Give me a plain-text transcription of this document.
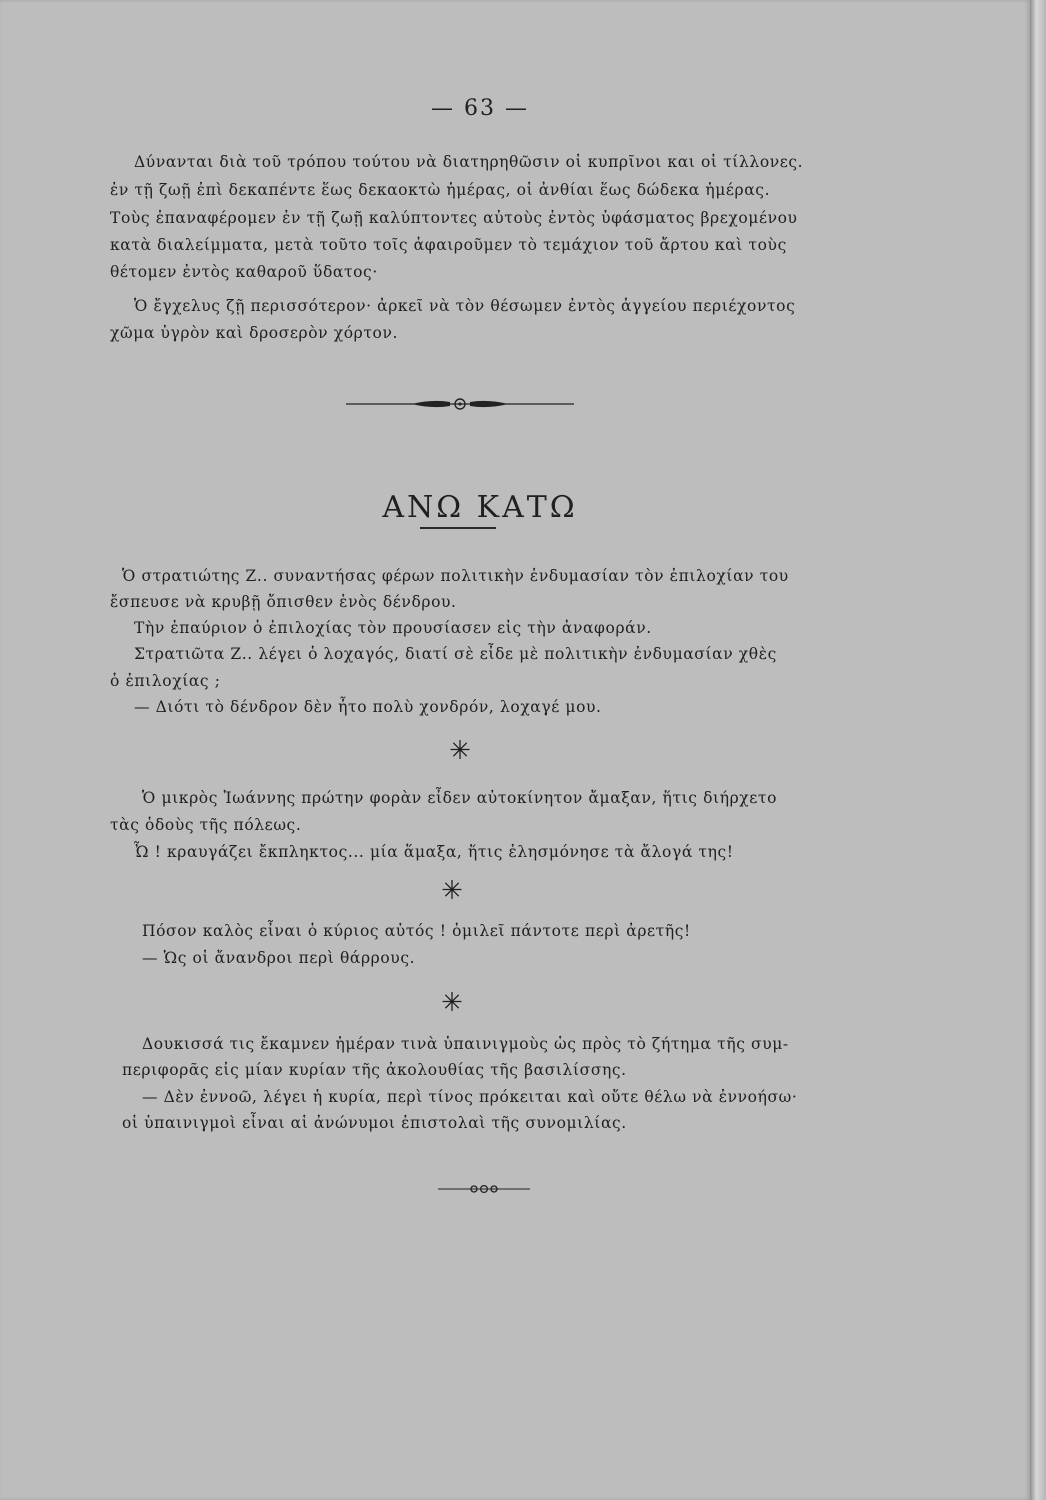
— 63 —
Δύνανται διὰ τοῦ τρόπου τούτου νὰ διατηρηθῶσιν οἱ κυπρῖνοι και οἱ τίλλονες.
ἐν τῇ ζωῇ ἐπὶ δεκαπέντε ἕως δεκαοκτὼ ἡμέρας, οἱ ἀνθίαι ἕως δώδεκα ἡμέρας.
Τοὺς ἐπαναφέρομεν ἐν τῇ ζωῇ καλύπτοντες αὐτοὺς ἐντὸς ὑφάσματος βρεχομένου
κατὰ διαλείμματα, μετὰ τοῦτο τοῖς ἀφαιροῦμεν τὸ τεμάχιον τοῦ ἄρτου καὶ τοὺς
θέτομεν ἐντὸς καθαροῦ ὕδατος·
Ὁ ἔγχελυς ζῇ περισσότερον· ἀρκεῖ νὰ τὸν θέσωμεν ἐντὸς ἀγγείου περιέχοντος
χῶμα ὑγρὸν καὶ δροσερὸν χόρτον.
ΑΝΩ ΚΑΤΩ
Ὁ στρατιώτης Ζ.. συναντήσας φέρων πολιτικὴν ἐνδυμασίαν τὸν ἐπιλοχίαν του
ἔσπευσε νὰ κρυβῇ ὄπισθεν ἑνὸς δένδρου.
Τὴν ἐπαύριον ὁ ἐπιλοχίας τὸν προυσίασεν εἰς τὴν ἀναφοράν.
Στρατιῶτα Ζ.. λέγει ὁ λοχαγός, διατί σὲ εἶδε μὲ πολιτικὴν ἐνδυμασίαν χθὲς
ὁ ἐπιλοχίας ;
— Διότι τὸ δένδρον δὲν ἦτο πολὺ χονδρόν, λοχαγέ μου.
✳
Ὁ μικρὸς Ἰωάννης πρώτην φορὰν εἶδεν αὐτοκίνητον ἄμαξαν, ἥτις διήρχετο
τὰς ὁδοὺς τῆς πόλεως.
Ὦ ! κραυγάζει ἔκπληκτος... μία ἅμαξα, ἥτις ἐλησμόνησε τὰ ἄλογά της!
✳
Πόσον καλὸς εἶναι ὁ κύριος αὐτός ! ὁμιλεῖ πάντοτε περὶ ἀρετῆς!
— Ὡς οἱ ἄνανδροι περὶ θάρρους.
✳
Δουκισσά τις ἔκαμνεν ἡμέραν τινὰ ὑπαινιγμοὺς ὡς πρὸς τὸ ζήτημα τῆς συμ-
περιφορᾶς εἰς μίαν κυρίαν τῆς ἀκολουθίας τῆς βασιλίσσης.
— Δὲν ἐννοῶ, λέγει ἡ κυρία, περὶ τίνος πρόκειται καὶ οὔτε θέλω νὰ ἐννοήσω·
οἱ ὑπαινιγμοὶ εἶναι αἱ ἀνώνυμοι ἐπιστολαὶ τῆς συνομιλίας.
